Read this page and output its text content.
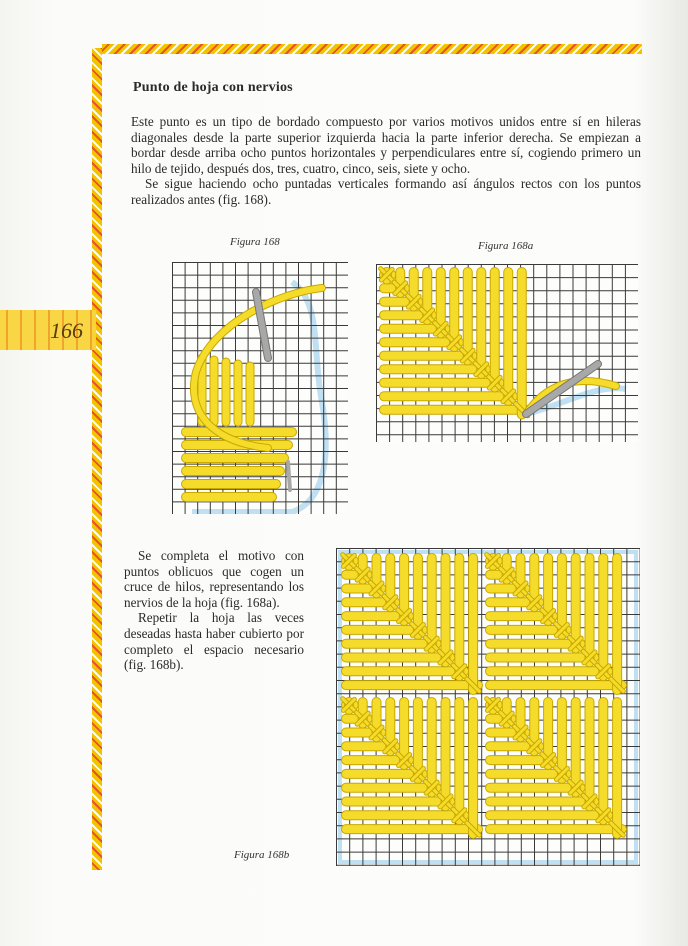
166
Punto de hoja con nervios

Este punto es un tipo de bordado compuesto por varios motivos unidos entre sí en hileras diagonales desde la parte superior izquierda hacia la parte inferior derecha. Se empiezan a bordar desde arriba ocho puntos horizontales y perpendiculares entre sí, cogiendo primero un hilo de tejido, después dos, tres, cuatro, cinco, seis, siete y ocho.

Se sigue haciendo ocho puntadas verticales formando así ángulos rectos con los puntos realizados antes (fig. 168).

Figura 168	Figura 168a

Se completa el motivo con puntos oblicuos que cogen un cruce de hilos, representando los nervios de la hoja (fig. 168a).

Repetir la hoja las veces deseadas hasta haber cubierto por completo el espacio necesario (fig. 168b).

Figura 168b
